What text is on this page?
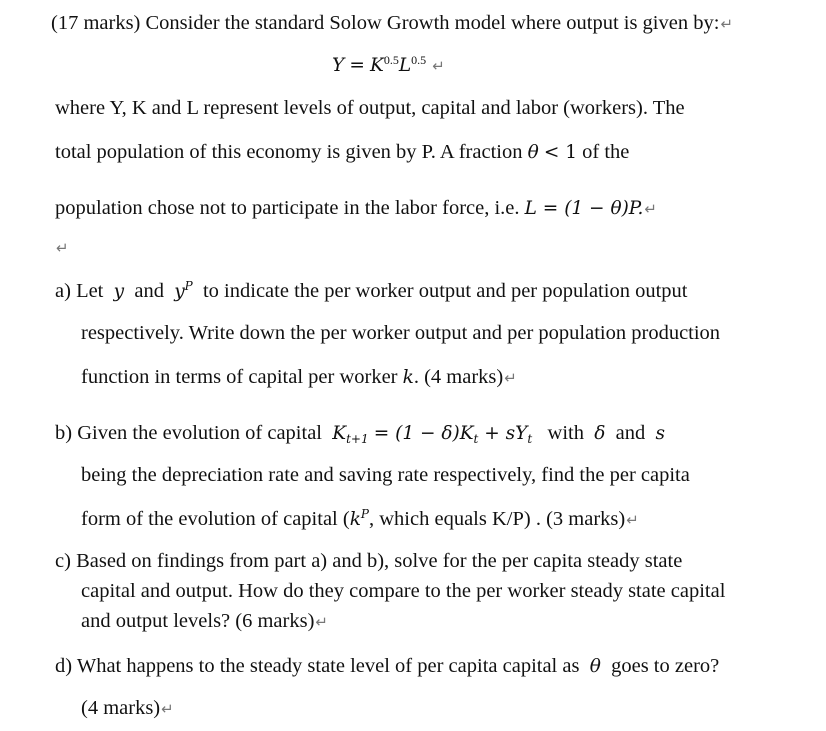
(17 marks) Consider the standard Solow Growth model where output is given by:↵
$Y = K^{0.5}L^{0.5}$ ↵
where Y, K and L represent levels of output, capital and labor (workers). The
total population of this economy is given by P. A fraction θ < 1 of the
population chose not to participate in the labor force, i.e. L = (1 − θ)P.↵
↵
a) Let y and $y^P$ to indicate the per worker output and per population output
respectively. Write down the per worker output and per population production
function in terms of capital per worker k. (4 marks)↵
b) Given the evolution of capital $K_{t+1} = (1 - \delta)K_t + sY_t$ with δ and s
being the depreciation rate and saving rate respectively, find the per capita
form of the evolution of capital ($k^P$, which equals K/P) . (3 marks)↵
c) Based on findings from part a) and b), solve for the per capita steady state
capital and output. How do they compare to the per worker steady state capital
and output levels? (6 marks)↵
d) What happens to the steady state level of per capita capital as θ goes to zero?
(4 marks)↵
